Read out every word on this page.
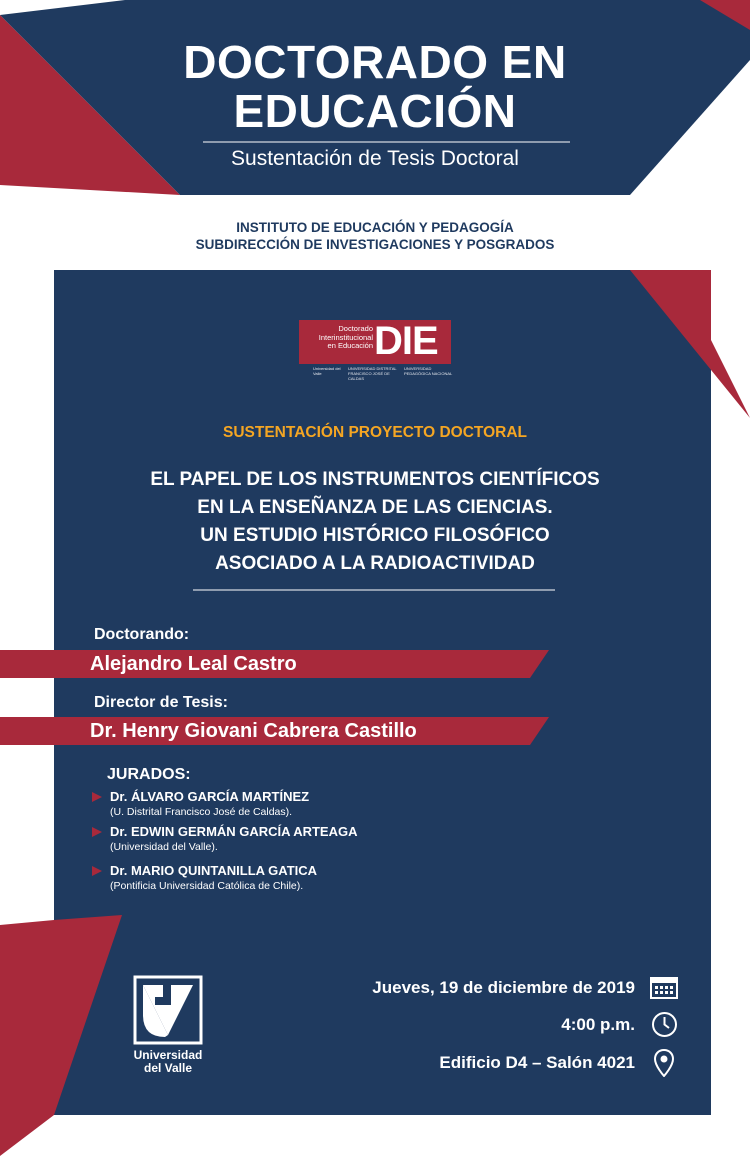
DOCTORADO EN
EDUCACIÓN
Sustentación de Tesis Doctoral
INSTITUTO DE EDUCACIÓN Y PEDAGOGÍA
SUBDIRECCIÓN DE INVESTIGACIONES Y POSGRADOS
Doctorado
Interinstitucional
en Educación DIE
Universidad del Valle
UNIVERSIDAD DISTRITAL FRANCISCO JOSÉ DE CALDAS
UNIVERSIDAD PEDAGÓGICA NACIONAL
SUSTENTACIÓN PROYECTO DOCTORAL
EL PAPEL DE LOS INSTRUMENTOS CIENTÍFICOS
EN LA ENSEÑANZA DE LAS CIENCIAS.
UN ESTUDIO HISTÓRICO FILOSÓFICO
ASOCIADO A LA RADIOACTIVIDAD
Doctorando:
Alejandro Leal Castro
Director de Tesis:
Dr. Henry Giovani Cabrera Castillo
JURADOS:
Dr. ÁLVARO GARCÍA MARTÍNEZ
(U. Distrital Francisco José de Caldas).
Dr. EDWIN GERMÁN GARCÍA ARTEAGA
(Universidad del Valle).
Dr. MARIO QUINTANILLA GATICA
(Pontificia Universidad Católica de Chile).
Universidad
del Valle
Jueves, 19 de diciembre de 2019
4:00 p.m.
Edificio D4 – Salón 4021
